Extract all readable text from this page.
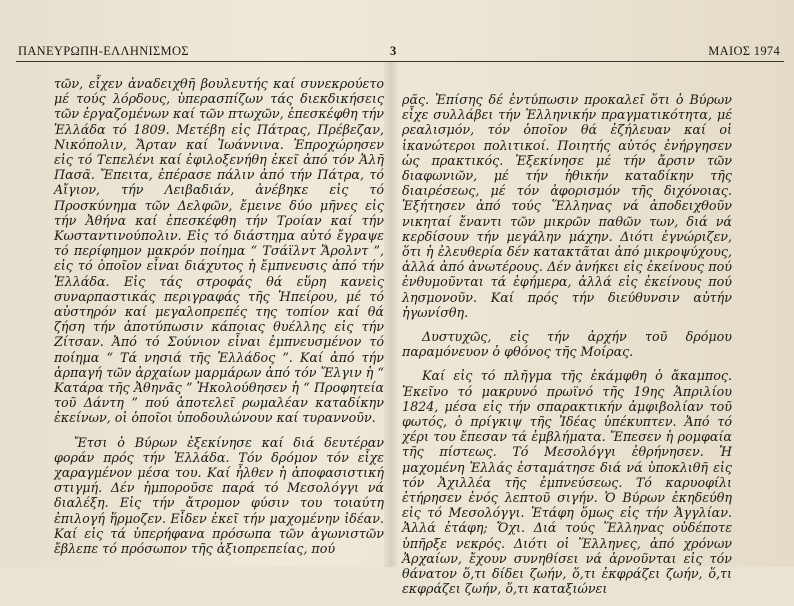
ΠΑΝΕΥΡΩΠΗ-ΕΛΛΗΝΙΣΜΟΣ	3	ΜΑΙΟΣ 1974

τῶν, εἶχεν ἀναδειχθῆ βουλευτής καί συνεκρούετο μέ τούς λόρδους, ὑπερασπίζων τάς διεκδικήσεις τῶν ἐργαζομένων καί τῶν πτωχῶν, ἐπεσκέφθη τήν Ἑλλάδα τό 1809. Μετέβη εἰς Πάτρας, Πρέβεζαν, Νικόπολιν, Ἄρταν καί Ἰωάννινα. Ἐπροχώρησεν εἰς τό Τεπελένι καί ἐφιλοξενήθη ἐκεῖ ἀπό τόν Ἀλῆ Πασᾶ. Ἔπειτα, ἐπέρασε πάλιν ἀπό τήν Πάτρα, τό Αἴγιον, τήν Λειβαδιάν, ἀνέβηκε εἰς τό Προσκύνημα τῶν Δελφῶν, ἔμεινε δύο μῆνες εἰς τήν Ἀθήνα καί ἐπεσκέφθη τήν Τροίαν καί τήν Κωσταντινούπολιν. Εἰς τό διάστημα αὐτό ἔγραψε τό περίφημον μακρόν ποίημα “ Τσάϊλντ Ἄρολντ ”, εἰς τό ὁποῖον εἶναι διάχυτος ἡ ἔμπνευσις ἀπό τήν Ἑλλάδα. Εἰς τάς στροφάς θά εὕρη κανεὶς συναρπαστικάς περιγραφάς τῆς Ἠπείρου, μέ τό αὐστηρόν καί μεγαλοπρεπές της τοπίον καί θά ζήση τήν ἀποτύπωσιν κάποιας θυέλλης εἰς τήν Ζίτσαν. Ἀπό τό Σούνιον εἶναι ἐμπνευσμένον τό ποίημα “ Τά νησιά τῆς Ἑλλάδος ”. Καί ἀπό τήν ἁρπαγή τῶν ἀρχαίων μαρμάρων ἀπό τόν Ἔλγιν ἡ “ Κατάρα τῆς Ἀθηνᾶς ” Ἠκολούθησεν ἡ “ Προφητεία τοῦ Δάντη ” πού ἀποτελεῖ ρωμαλέαν καταδίκην ἐκείνων, οἱ ὁποῖοι ὑποδουλώνουν καί τυραννοῦν.

Ἔτσι ὁ Βύρων ἐξεκίνησε καί διά δευτέραν φοράν πρός τήν Ἑλλάδα. Τόν δρόμον τόν εἶχε χαραγμένον μέσα του. Καί ἦλθεν ἡ ἀποφασιστική στιγμή. Δέν ἠμποροῦσε παρά τό Μεσολόγγι νά διαλέξη. Εἰς τήν ἄτρομον φύσιν του τοιαύτη ἐπιλογή ἥρμοζεν. Εἶδεν ἐκεῖ τήν μαχομένην ἰδέαν. Καί εἰς τά ὑπερήφανα πρόσωπα τῶν ἀγωνιστῶν ἔβλεπε τό πρόσωπον τῆς ἀξιοπρεπείας, πού

ρᾶς. Ἐπίσης δέ ἐντύπωσιν προκαλεῖ ὅτι ὁ Βύρων εἶχε συλλάβει τήν Ἑλληνικήν πραγματικότητα, μέ ρεαλισμόν, τόν ὁποῖον θά ἐζήλευαν καί οἱ ἱκανώτεροι πολιτικοί. Ποιητής αὐτός ἐνήργησεν ὡς πρακτικός. Ἐξεκίνησε μέ τήν ἄρσιν τῶν διαφωνιῶν, μέ τήν ἠθικήν καταδίκην τῆς διαιρέσεως, μέ τόν ἀφορισμόν τῆς διχόνοιας. Ἐξήτησεν ἀπό τούς Ἕλληνας νά ἀποδειχθοῦν νικηταί ἔναντι τῶν μικρῶν παθῶν των, διά νά κερδίσουν τήν μεγάλην μάχην. Διότι ἐγνώριζεν, ὅτι ἡ ἐλευθερία δέν κατακτᾶται ἀπό μικροψύχους, ἀλλά ἀπό ἀνωτέρους. Δέν ἀνήκει εἰς ἐκείνους πού ἐνθυμοῦνται τά ἐφήμερα, ἀλλά εἰς ἐκείνους πού λησμονοῦν. Καί πρός τήν διεύθυνσιν αὐτήν ἠγωνίσθη.

Δυστυχῶς, εἰς τήν ἀρχήν τοῦ δρόμου παραμόνευον ὁ φθόνος τῆς Μοίρας.

Καί εἰς τό πλῆγμα τῆς ἑκάμφθη ὁ ἄκαμπος. Ἐκεῖνο τό μακρυνό πρωϊνό τῆς 19ης Ἀπριλίου 1824, μέσα εἰς τήν σπαρακτικήν ἀμφιβολίαν τοῦ φωτός, ὁ πρίγκιψ τῆς Ἰδέας ὑπέκυπτεν. Ἀπό τό χέρι του ἔπεσαν τά ἐμβλήματα. Ἔπεσεν ἡ ρομφαία τῆς πίστεως. Τό Μεσολόγγι ἐθρήνησεν. Ἡ μαχομένη Ἑλλάς ἐσταμάτησε διά νά ὑποκλιθῆ εἰς τόν Ἀχιλλέα τῆς ἐμπνεύσεως. Τό καρυοφίλι ἐτήρησεν ἑνός λεπτοῦ σιγήν. Ὁ Βύρων ἐκηδεύθη εἰς τό Μεσολόγγι. Ἐτάφη ὅμως εἰς τήν Ἀγγλίαν. Ἀλλά ἐτάφη; Ὄχι. Διά τούς Ἕλληνας οὐδέποτε ὑπῆρξε νεκρός. Διότι οἱ Ἕλληνες, ἀπό χρόνων Ἀρχαίων, ἔχουν συνηθίσει νά ἀρνοῦνται εἰς τόν θάνατον ὅ,τι δίδει ζωήν, ὅ,τι ἐκφράζει ζωήν, ὅ,τι εκφράζει ζωήν, ὅ,τι καταξιώνει
